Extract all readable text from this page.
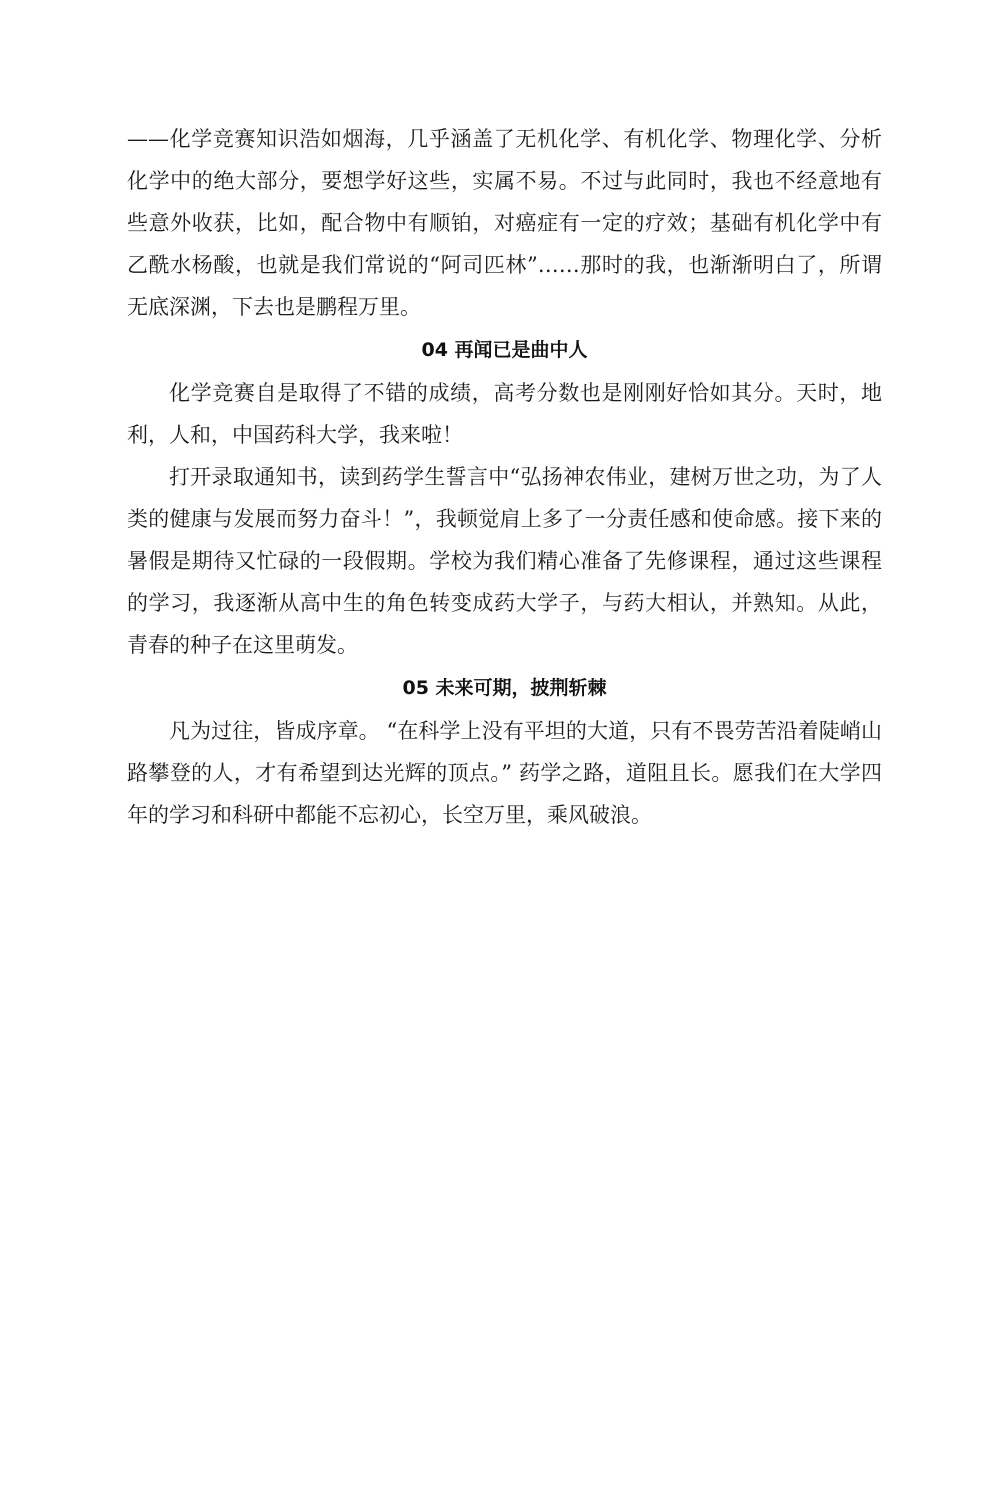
——化学竞赛知识浩如烟海，几乎涵盖了无机化学、有机化学、物理化学、分析化学中的绝大部分，要想学好这些，实属不易。不过与此同时，我也不经意地有些意外收获，比如，配合物中有顺铂，对癌症有一定的疗效；基础有机化学中有乙酰水杨酸，也就是我们常说的“阿司匹林”……那时的我，也渐渐明白了，所谓无底深渊，下去也是鹏程万里。

04 再闻已是曲中人

化学竞赛自是取得了不错的成绩，高考分数也是刚刚好恰如其分。天时，地利，人和，中国药科大学，我来啦！

打开录取通知书，读到药学生誓言中“弘扬神农伟业，建树万世之功，为了人类的健康与发展而努力奋斗！”，我顿觉肩上多了一分责任感和使命感。接下来的暑假是期待又忙碌的一段假期。学校为我们精心准备了先修课程，通过这些课程的学习，我逐渐从高中生的角色转变成药大学子，与药大相认，并熟知。从此，青春的种子在这里萌发。

05 未来可期，披荆斩棘

凡为过往，皆成序章。 “在科学上没有平坦的大道，只有不畏劳苦沿着陡峭山路攀登的人，才有希望到达光辉的顶点。” 药学之路，道阻且长。愿我们在大学四年的学习和科研中都能不忘初心，长空万里，乘风破浪。
